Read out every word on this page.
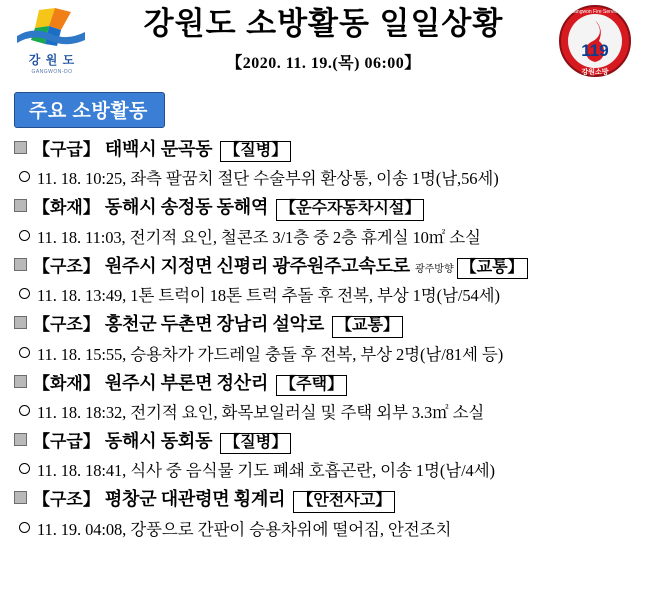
강 원 도
GANGWON-DO
강원도 소방활동 일일상황
【2020. 11. 19.(목) 06:00】
119
Gangwon Fire Service
강원소방
주요 소방활동
【구급】 태백시 문곡동 【질병】
11. 18. 10:25, 좌측 팔꿈치 절단 수술부위 환상통, 이송 1명(남,56세)
【화재】 동해시 송정동 동해역 【운수자동차시설】
11. 18. 11:03, 전기적 요인, 철콘조 3/1층 중 2층 휴게실 10㎡ 소실
【구조】 원주시 지정면 신평리 광주원주고속도로 광주방향 【교통】
11. 18. 13:49, 1톤 트럭이 18톤 트럭 추돌 후 전복, 부상 1명(남/54세)
【구조】 홍천군 두촌면 장남리 설악로 【교통】
11. 18. 15:55, 승용차가 가드레일 충돌 후 전복, 부상 2명(남/81세 등)
【화재】 원주시 부론면 정산리 【주택】
11. 18. 18:32, 전기적 요인, 화목보일러실 및 주택 외부 3.3㎡ 소실
【구급】 동해시 동회동 【질병】
11. 18. 18:41, 식사 중 음식물 기도 폐쇄 호흡곤란, 이송 1명(남/4세)
【구조】 평창군 대관령면 횡계리 【안전사고】
11. 19. 04:08, 강풍으로 간판이 승용차위에 떨어짐, 안전조치
